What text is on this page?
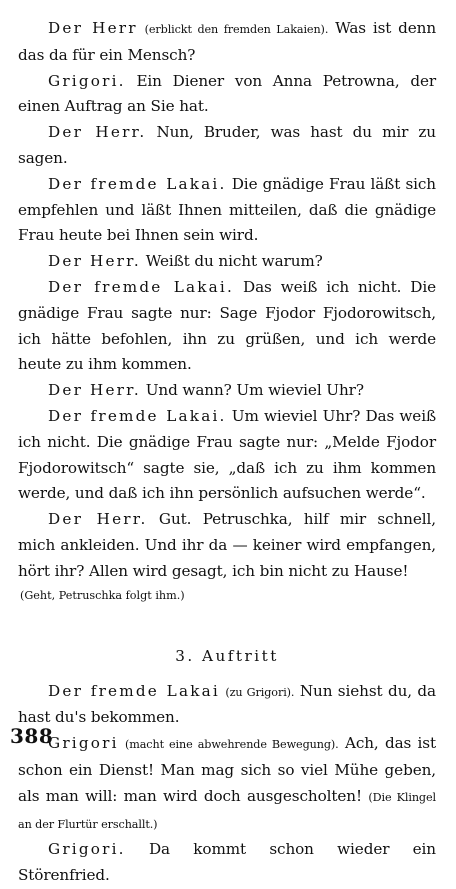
Der Herr (erblickt den fremden Lakaien). Was ist denn das da für ein Mensch?

Grigori. Ein Diener von Anna Petrowna, der einen Auftrag an Sie hat.

Der Herr. Nun, Bruder, was hast du mir zu sagen.

Der fremde Lakai. Die gnädige Frau läßt sich empfehlen und läßt Ihnen mitteilen, daß die gnädige Frau heute bei Ihnen sein wird.

Der Herr. Weißt du nicht warum?

Der fremde Lakai. Das weiß ich nicht. Die gnädige Frau sagte nur: Sage Fjodor Fjodorowitsch, ich hätte befohlen, ihn zu grüßen, und ich werde heute zu ihm kommen.

Der Herr. Und wann? Um wieviel Uhr?

Der fremde Lakai. Um wieviel Uhr? Das weiß ich nicht. Die gnädige Frau sagte nur: „Melde Fjodor Fjodorowitsch“ sagte sie, „daß ich zu ihm kommen werde, und daß ich ihn persönlich aufsuchen werde“.

Der Herr. Gut. Petruschka, hilf mir schnell, mich ankleiden. Und ihr da — keiner wird empfangen, hört ihr? Allen wird gesagt, ich bin nicht zu Hause!

(Geht, Petruschka folgt ihm.)

3. Auftritt

Der fremde Lakai (zu Grigori). Nun siehst du, da hast du's bekommen.

Grigori (macht eine abwehrende Bewegung). Ach, das ist schon ein Dienst! Man mag sich so viel Mühe geben, als man will: man wird doch ausgescholten! (Die Klingel an der Flurtür erschallt.)

Grigori. Da kommt schon wieder ein Störenfried.

388
